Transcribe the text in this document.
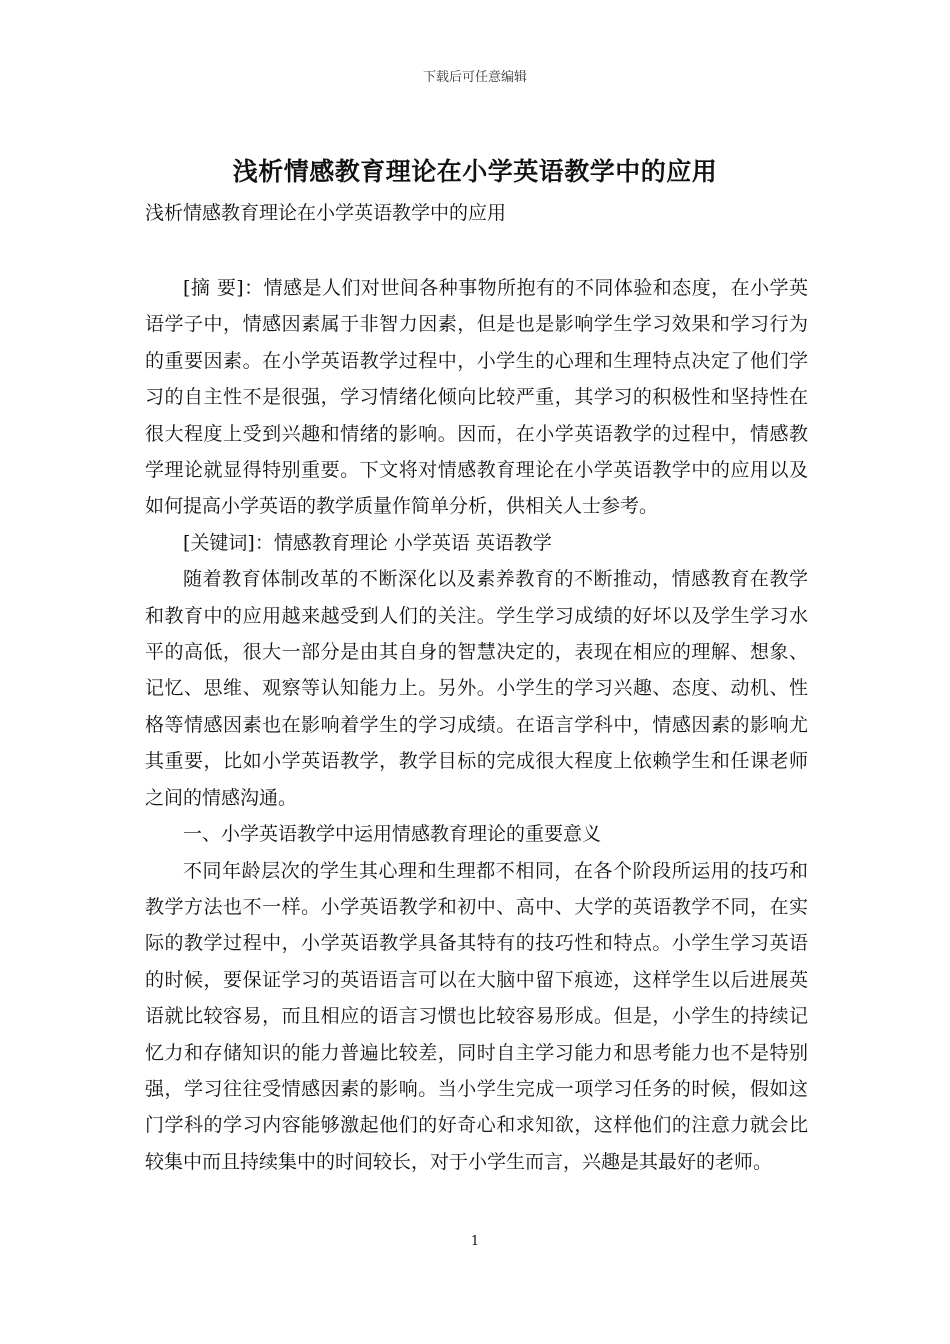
下载后可任意编辑
浅析情感教育理论在小学英语教学中的应用
浅析情感教育理论在小学英语教学中的应用

[摘 要]：情感是人们对世间各种事物所抱有的不同体验和态度，在小学英语学子中，情感因素属于非智力因素，但是也是影响学生学习效果和学习行为的重要因素。在小学英语教学过程中，小学生的心理和生理特点决定了他们学习的自主性不是很强，学习情绪化倾向比较严重，其学习的积极性和坚持性在很大程度上受到兴趣和情绪的影响。因而，在小学英语教学的过程中，情感教学理论就显得特别重要。下文将对情感教育理论在小学英语教学中的应用以及如何提高小学英语的教学质量作简单分析，供相关人士参考。

[关键词]：情感教育理论 小学英语 英语教学

随着教育体制改革的不断深化以及素养教育的不断推动，情感教育在教学和教育中的应用越来越受到人们的关注。学生学习成绩的好坏以及学生学习水平的高低，很大一部分是由其自身的智慧决定的，表现在相应的理解、想象、记忆、思维、观察等认知能力上。另外。小学生的学习兴趣、态度、动机、性格等情感因素也在影响着学生的学习成绩。在语言学科中，情感因素的影响尤其重要，比如小学英语教学，教学目标的完成很大程度上依赖学生和任课老师之间的情感沟通。

一、小学英语教学中运用情感教育理论的重要意义

不同年龄层次的学生其心理和生理都不相同，在各个阶段所运用的技巧和教学方法也不一样。小学英语教学和初中、高中、大学的英语教学不同，在实际的教学过程中，小学英语教学具备其特有的技巧性和特点。小学生学习英语的时候，要保证学习的英语语言可以在大脑中留下痕迹，这样学生以后进展英语就比较容易，而且相应的语言习惯也比较容易形成。但是，小学生的持续记忆力和存储知识的能力普遍比较差，同时自主学习能力和思考能力也不是特别强，学习往往受情感因素的影响。当小学生完成一项学习任务的时候，假如这门学科的学习内容能够激起他们的好奇心和求知欲，这样他们的注意力就会比较集中而且持续集中的时间较长，对于小学生而言，兴趣是其最好的老师。

1
